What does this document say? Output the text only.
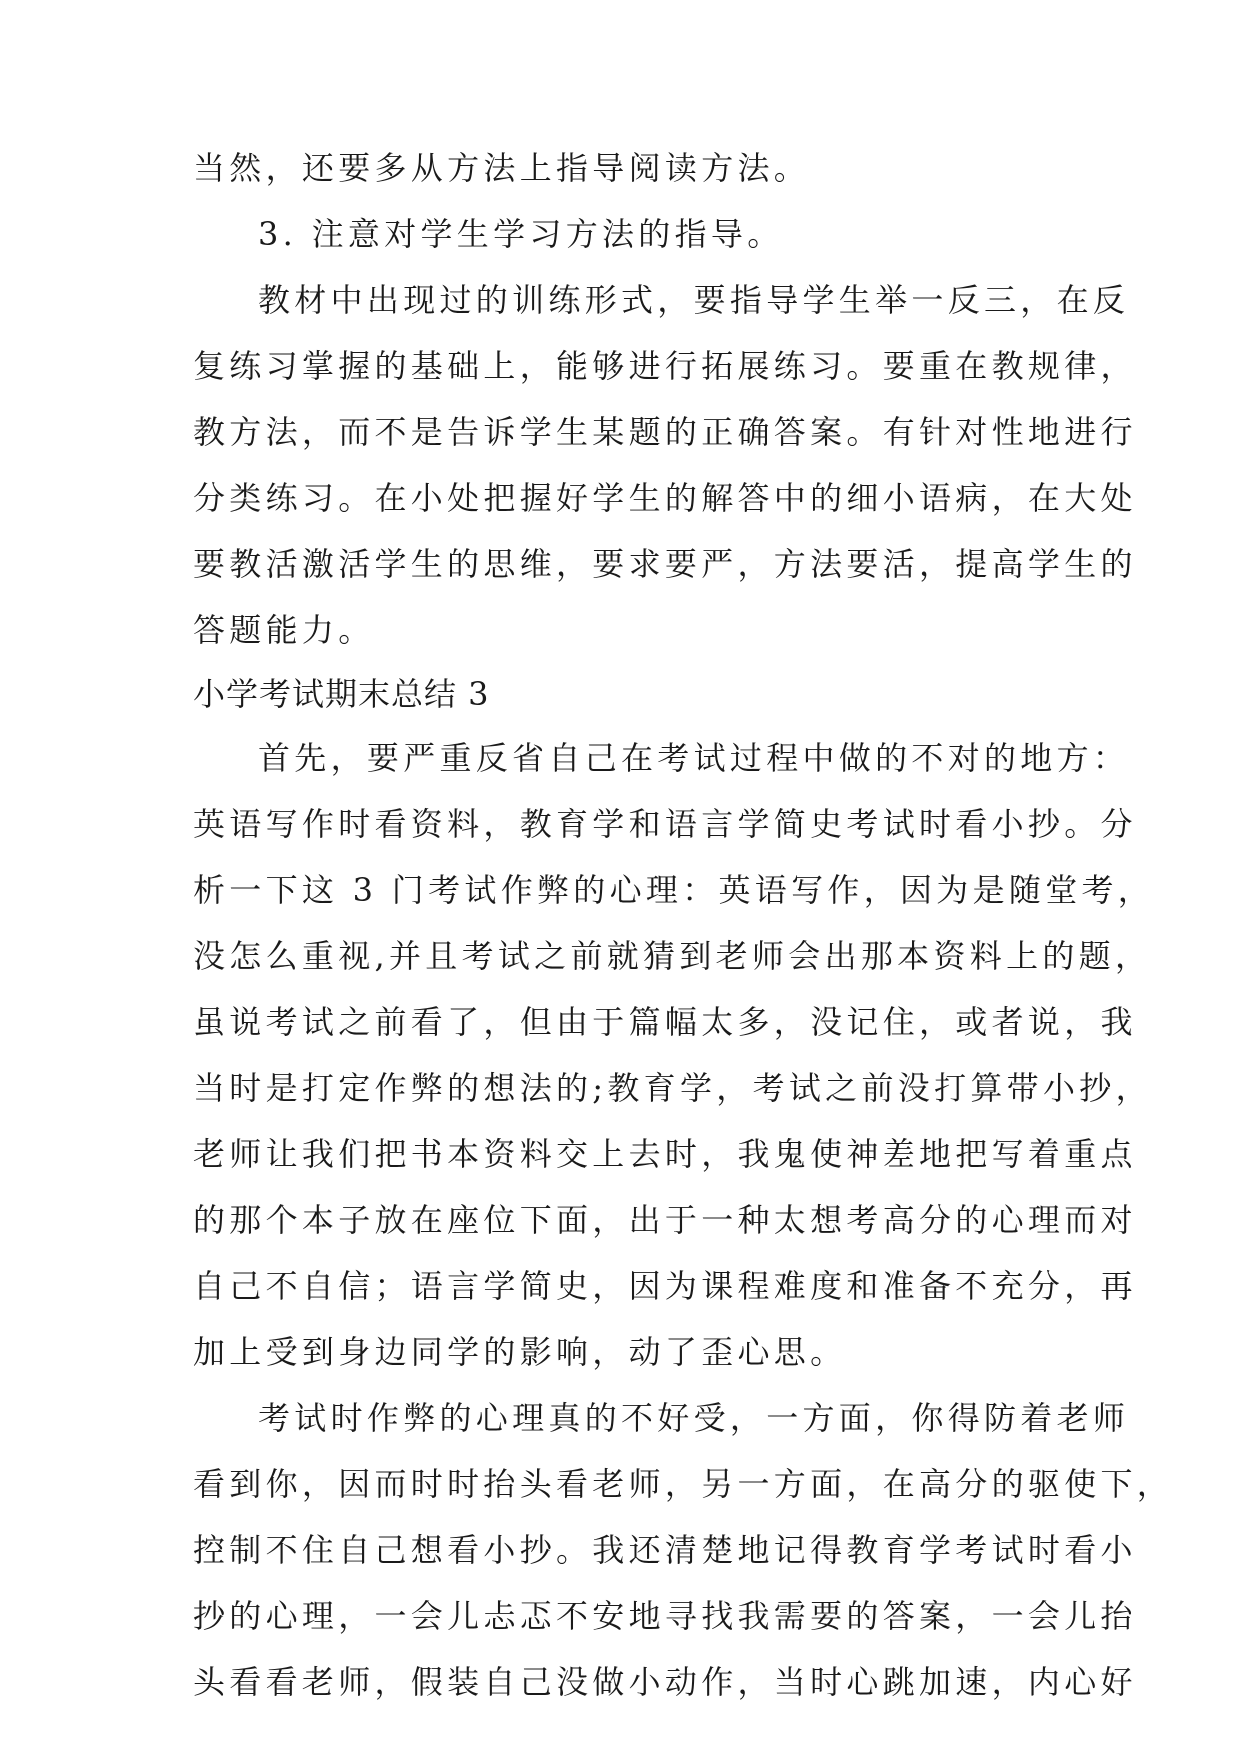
当然，还要多从方法上指导阅读方法。
3. 注意对学生学习方法的指导。
教材中出现过的训练形式，要指导学生举一反三，在反
复练习掌握的基础上，能够进行拓展练习。要重在教规律，
教方法，而不是告诉学生某题的正确答案。有针对性地进行
分类练习。在小处把握好学生的解答中的细小语病，在大处
要教活激活学生的思维，要求要严，方法要活，提高学生的
答题能力。
小学考试期末总结 3
首先，要严重反省自己在考试过程中做的不对的地方：
英语写作时看资料，教育学和语言学简史考试时看小抄。分
析一下这 3 门考试作弊的心理：英语写作，因为是随堂考，
没怎么重视,并且考试之前就猜到老师会出那本资料上的题，
虽说考试之前看了，但由于篇幅太多，没记住，或者说，我
当时是打定作弊的想法的;教育学，考试之前没打算带小抄，
老师让我们把书本资料交上去时，我鬼使神差地把写着重点
的那个本子放在座位下面，出于一种太想考高分的心理而对
自己不自信；语言学简史，因为课程难度和准备不充分，再
加上受到身边同学的影响，动了歪心思。
考试时作弊的心理真的不好受，一方面，你得防着老师
看到你，因而时时抬头看老师，另一方面，在高分的驱使下，
控制不住自己想看小抄。我还清楚地记得教育学考试时看小
抄的心理，一会儿忐忑不安地寻找我需要的答案，一会儿抬
头看看老师，假装自己没做小动作，当时心跳加速，内心好
